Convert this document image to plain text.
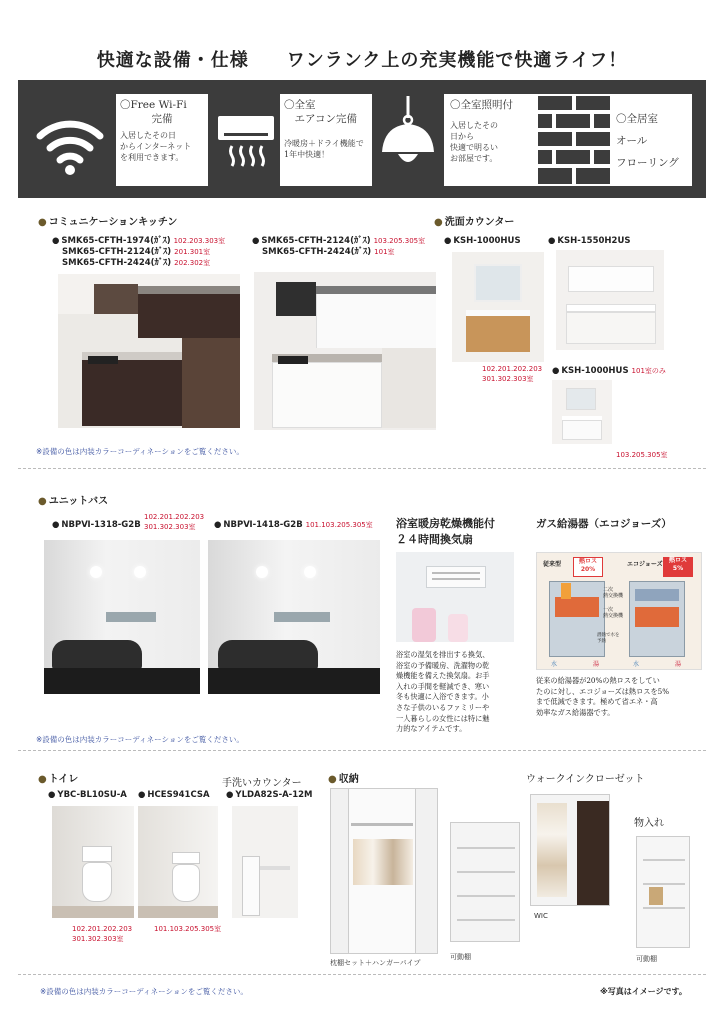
快適な設備・仕様　　ワンランク上の充実機能で快適ライフ！
〇Free Wi-Fi
　　　完備
入居したその日
からインターネット
を利用できます。
〇全室
　エアコン完備
冷暖房＋ドライ機能で
1年中快適！
〇全室照明付
入居したその
日から
快適で明るい
お部屋です。
〇全居室
オール
フローリング
● コミュニケーションキッチン
● SMK65-CFTH-1974(ｶﾞｽ) 102.203.303室
SMK65-CFTH-2124(ｶﾞｽ) 201.301室
SMK65-CFTH-2424(ｶﾞｽ) 202.302室
● SMK65-CFTH-2124(ｶﾞｽ) 103.205.305室
SMK65-CFTH-2424(ｶﾞｽ) 101室
● 洗面カウンター
● KSH-1000HUS	● KSH-1550H2US
102.201.202.203
301.302.303室
● KSH-1000HUS 101室のみ
103.205.305室
※設備の色は内装カラーコーディネーションをご覧ください。
● ユニットバス
● NBPⅥ-1318-G2B
102.201.202.203
301.302.303室	● NBPⅥ-1418-G2B 101.103.205.305室 浴室暖房乾燥機能付
２４時間換気扇
浴室の湿気を排出する換気、
浴室の予備暖房、洗濯物の乾
燥機能を備えた換気扇。お手
入れの手間を軽減でき、寒い
冬も快適に入浴できます。小
さな子供のいるファミリーや
一人暮らしの女性には特に魅
力的なアイテムです。
ガス給湯器（エコジョーズ）
従来型	熱ロス
20%
エコジョーズ
熱ロス
5%
二次
熱交換機
一次
熱交換機
潜熱で水を
予熱
水	湯	水	湯
従来の給湯器が20%の熱ロスをしてい
たのに対し、エコジョーズは熱ロスを5%
まで低減できます。極めて省エネ・高
効率なガス給湯器です。
※設備の色は内装カラーコーディネーションをご覧ください。
● トイレ
● YBC-BL10SU-A ● HCES941CSA
手洗いカウンター
● YLDA82S-A-12M
102.201.202.203
301.302.303室
101.103.205.305室
● 収納
枕棚セット＋ハンガーパイプ
可動棚
ウォークインクローゼット
WIC
物入れ
可動棚
※設備の色は内装カラーコーディネーションをご覧ください。	※写真はイメージです。
